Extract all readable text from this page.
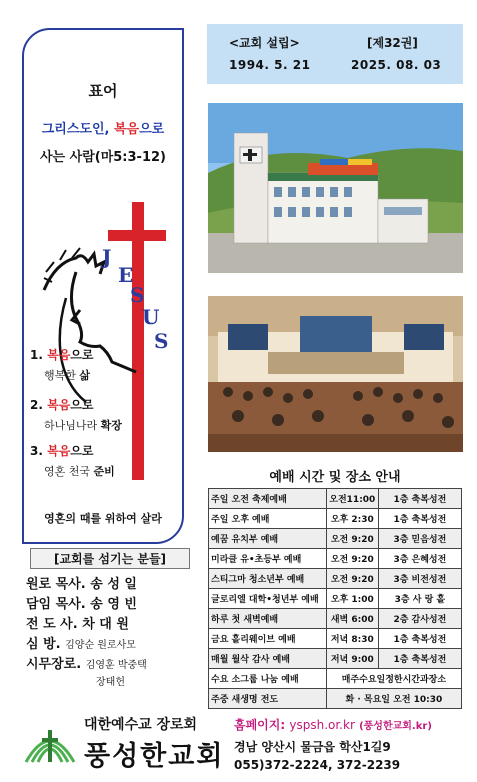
표어
그리스도인, 복음으로
사는 사람(마5:3-12)
J
E
S
U
S
1. 복음으로
행복한 삶
2. 복음으로
하나님나라 확장
3. 복음으로
영혼 천국 준비
영혼의 때를 위하여 살라
[교회를 섬기는 분들]
원로 목사. 송 성 일
담임 목사. 송 영 빈
전 도 사. 차 대 원
심 방. 김양순 원로사모
시무장로. 김영훈 박중택
장태헌
<교회 설립>	[제32권]
1994. 5. 21	2025. 08. 03
예배 시간 및 장소 안내
주일 오전 축제예배	오전11:00	1층 축복성전
주일 오후 예배	오후 2:30	1층 축복성전
예꿈 유치부 예배	오전 9:20	3층 믿음성전
미라클 유•초등부 예배	오전 9:20	3층 은혜성전
스티그마 청소년부 예배	오전 9:20	3층 비전성전
글로리엘 대학•청년부 예배	오후 1:00	3층 사 랑 홀
하루 첫 새벽예배	새벽 6:00	2층 감사성전
금요 홀리웨이브 예배	저녁 8:30	1층 축복성전
매월 월삭 감사 예배	저녁 9:00	1층 축복성전
수요 소그룹 나눔 예배	매주수요일정한시간과장소	
주중 새생명 전도	화 · 목요일 오전 10:30	
대한예수교 장로회
풍성한교회
홈페이지: yspsh.or.kr (풍성한교회.kr)
경남 양산시 물금읍 학산1길9
055)372-2224, 372-2239
